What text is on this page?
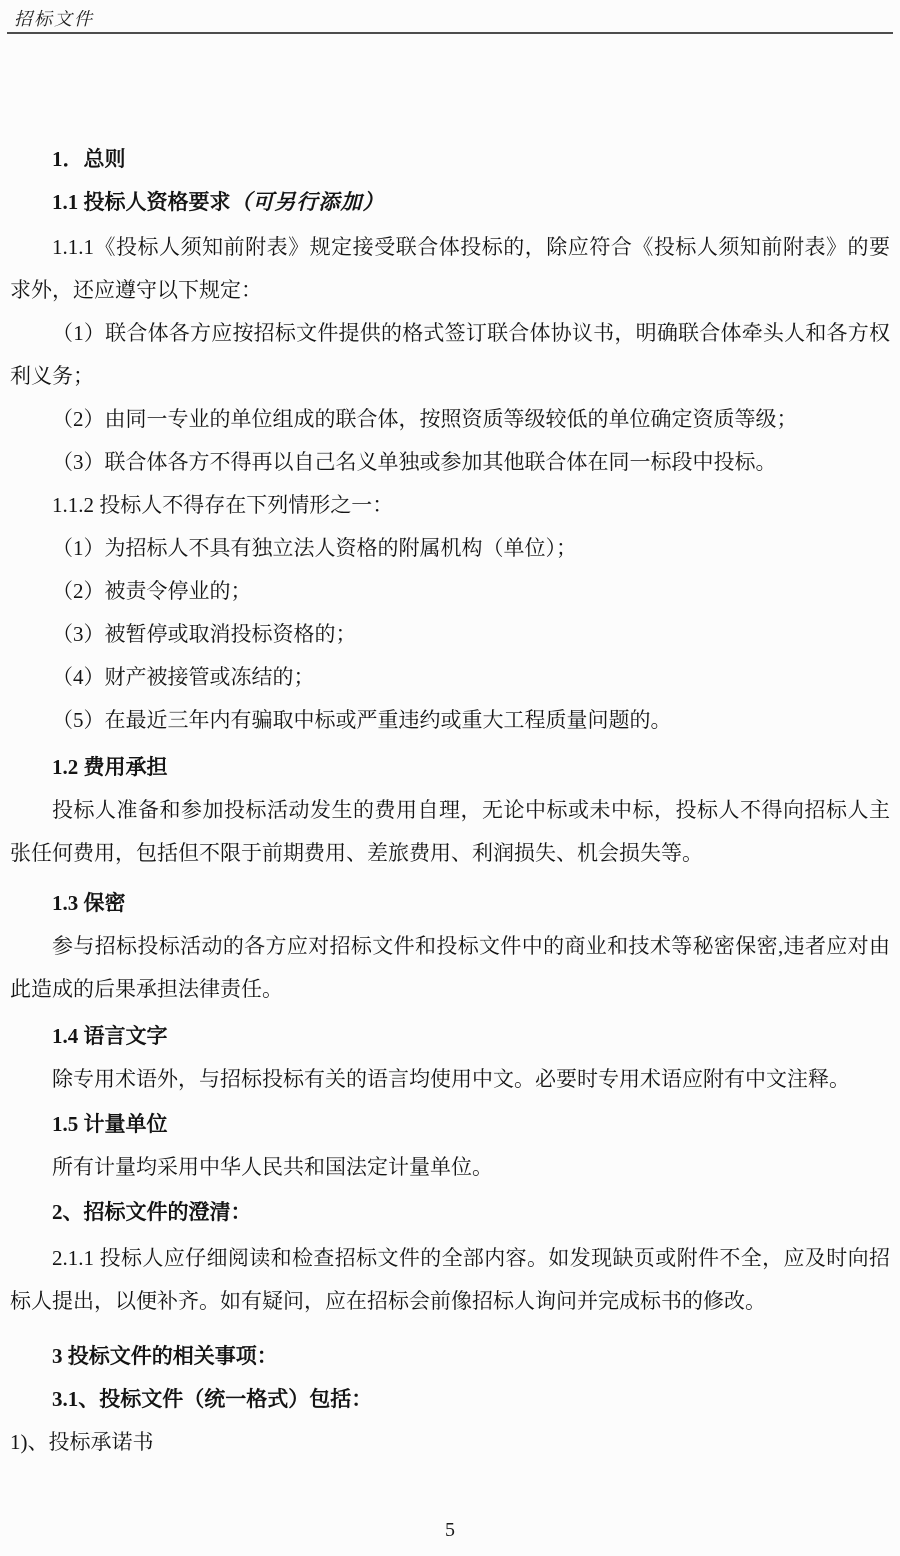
招标文件

1．总则

1.1 投标人资格要求（可另行添加）

1.1.1《投标人须知前附表》规定接受联合体投标的，除应符合《投标人须知前附表》的要求外，还应遵守以下规定：

（1）联合体各方应按招标文件提供的格式签订联合体协议书，明确联合体牵头人和各方权利义务；

（2）由同一专业的单位组成的联合体，按照资质等级较低的单位确定资质等级；

（3）联合体各方不得再以自己名义单独或参加其他联合体在同一标段中投标。

1.1.2 投标人不得存在下列情形之一：

（1）为招标人不具有独立法人资格的附属机构（单位）；

（2）被责令停业的；

（3）被暂停或取消投标资格的；

（4）财产被接管或冻结的；

（5）在最近三年内有骗取中标或严重违约或重大工程质量问题的。

1.2 费用承担

投标人准备和参加投标活动发生的费用自理，无论中标或未中标，投标人不得向招标人主张任何费用，包括但不限于前期费用、差旅费用、利润损失、机会损失等。

1.3 保密

参与招标投标活动的各方应对招标文件和投标文件中的商业和技术等秘密保密,违者应对由此造成的后果承担法律责任。

1.4 语言文字

除专用术语外，与招标投标有关的语言均使用中文。必要时专用术语应附有中文注释。

1.5 计量单位

所有计量均采用中华人民共和国法定计量单位。

2、招标文件的澄清：

2.1.1 投标人应仔细阅读和检查招标文件的全部内容。如发现缺页或附件不全，应及时向招标人提出，以便补齐。如有疑问，应在招标会前像招标人询问并完成标书的修改。

3 投标文件的相关事项：

3.1、投标文件（统一格式）包括：

1)、投标承诺书

5
